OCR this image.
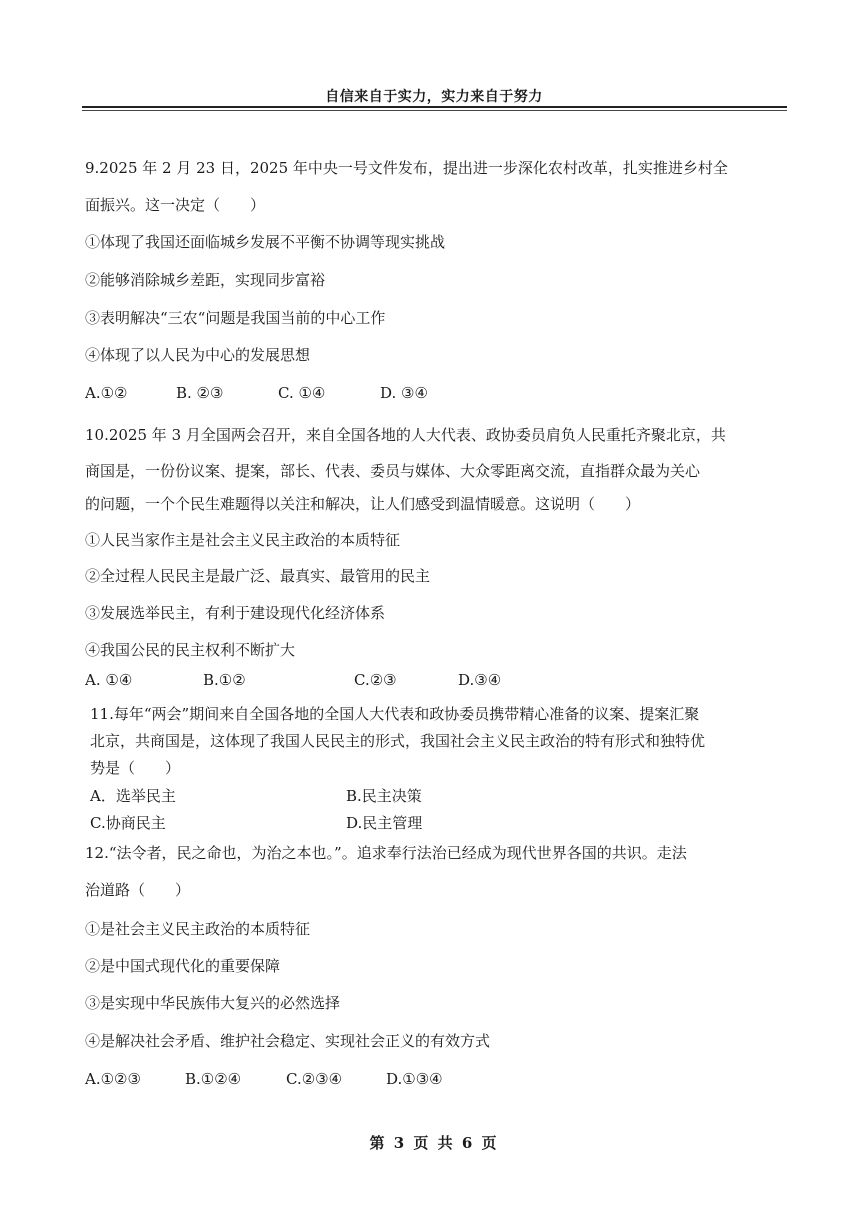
自信来自于实力，实力来自于努力
9.2025 年 2 月 23 日，2025 年中央一号文件发布，提出进一步深化农村改革，扎实推进乡村全
面振兴。这一决定（　　）
①体现了我国还面临城乡发展不平衡不协调等现实挑战
②能够消除城乡差距，实现同步富裕
③表明解决“三农“问题是我国当前的中心工作
④体现了以人民为中心的发展思想
A.①②	B. ②③	C. ①④	D. ③④
10.2025 年 3 月全国两会召开，来自全国各地的人大代表、政协委员肩负人民重托齐聚北京，共
商国是，一份份议案、提案，部长、代表、委员与媒体、大众零距离交流，直指群众最为关心
的问题，一个个民生难题得以关注和解决，让人们感受到温情暖意。这说明（　　）
①人民当家作主是社会主义民主政治的本质特征
②全过程人民民主是最广泛、最真实、最管用的民主
③发展选举民主，有利于建设现代化经济体系
④我国公民的民主权利不断扩大
A. ①④	B.①②	C.②③	D.③④
11.每年“两会”期间来自全国各地的全国人大代表和政协委员携带精心准备的议案、提案汇聚
北京，共商国是，这体现了我国人民民主的形式，我国社会主义民主政治的特有形式和独特优
势是（　　）
A．选举民主	B.民主决策
C.协商民主	D.民主管理
12.“法令者，民之命也，为治之本也。”。追求奉行法治已经成为现代世界各国的共识。走法
治道路（　　）
①是社会主义民主政治的本质特征
②是中国式现代化的重要保障
③是实现中华民族伟大复兴的必然选择
④是解决社会矛盾、维护社会稳定、实现社会正义的有效方式
A.①②③	B.①②④	C.②③④	D.①③④
第 3 页 共 6 页
